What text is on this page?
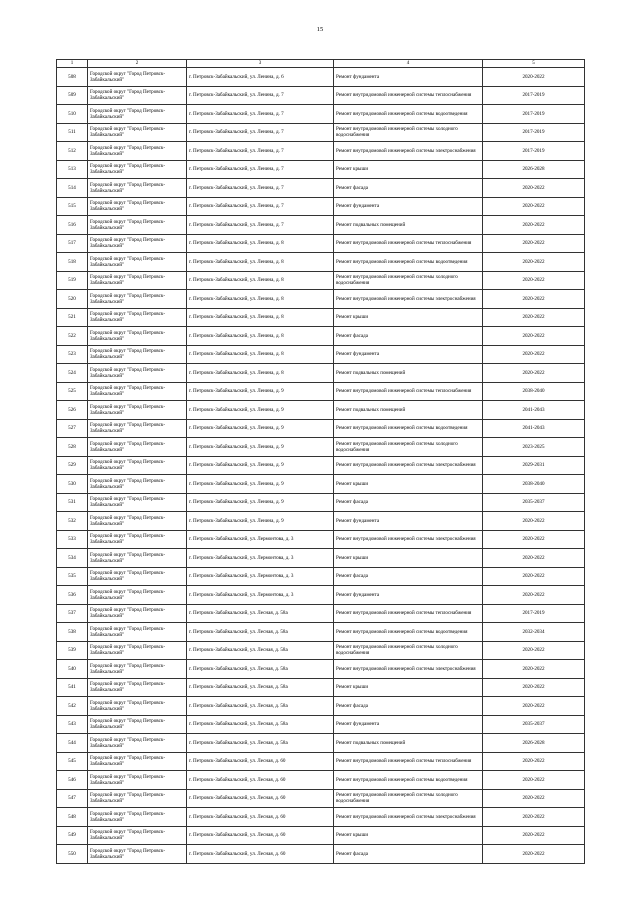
15
1	2	3	4	5
508	Городской округ "Город Петровск-Забайкальский"	г. Петровск-Забайкальский, ул. Ленина, д. 6	Ремонт фундамента	2020-2022
509	Городской округ "Город Петровск-Забайкальский"	г. Петровск-Забайкальский, ул. Ленина, д. 7	Ремонт внутридомовой инженерной системы теплоснабжения	2017-2019
510	Городской округ "Город Петровск-Забайкальский"	г. Петровск-Забайкальский, ул. Ленина, д. 7	Ремонт внутридомовой инженерной системы водоотведения	2017-2019
511	Городской округ "Город Петровск-Забайкальский"	г. Петровск-Забайкальский, ул. Ленина, д. 7	Ремонт внутридомовой инженерной системы холодного водоснабжения	2017-2019
512	Городской округ "Город Петровск-Забайкальский"	г. Петровск-Забайкальский, ул. Ленина, д. 7	Ремонт внутридомовой инженерной системы электроснабжения	2017-2019
513	Городской округ "Город Петровск-Забайкальский"	г. Петровск-Забайкальский, ул. Ленина, д. 7	Ремонт крыши	2026-2028
514	Городской округ "Город Петровск-Забайкальский"	г. Петровск-Забайкальский, ул. Ленина, д. 7	Ремонт фасада	2020-2022
515	Городской округ "Город Петровск-Забайкальский"	г. Петровск-Забайкальский, ул. Ленина, д. 7	Ремонт фундамента	2020-2022
516	Городской округ "Город Петровск-Забайкальский"	г. Петровск-Забайкальский, ул. Ленина, д. 7	Ремонт подвальных помещений	2020-2022
517	Городской округ "Город Петровск-Забайкальский"	г. Петровск-Забайкальский, ул. Ленина, д. 8	Ремонт внутридомовой инженерной системы теплоснабжения	2020-2022
518	Городской округ "Город Петровск-Забайкальский"	г. Петровск-Забайкальский, ул. Ленина, д. 8	Ремонт внутридомовой инженерной системы водоотведения	2020-2022
519	Городской округ "Город Петровск-Забайкальский"	г. Петровск-Забайкальский, ул. Ленина, д. 8	Ремонт внутридомовой инженерной системы холодного водоснабжения	2020-2022
520	Городской округ "Город Петровск-Забайкальский"	г. Петровск-Забайкальский, ул. Ленина, д. 8	Ремонт внутридомовой инженерной системы электроснабжения	2020-2022
521	Городской округ "Город Петровск-Забайкальский"	г. Петровск-Забайкальский, ул. Ленина, д. 8	Ремонт крыши	2020-2022
522	Городской округ "Город Петровск-Забайкальский"	г. Петровск-Забайкальский, ул. Ленина, д. 8	Ремонт фасада	2020-2022
523	Городской округ "Город Петровск-Забайкальский"	г. Петровск-Забайкальский, ул. Ленина, д. 8	Ремонт фундамента	2020-2022
524	Городской округ "Город Петровск-Забайкальский"	г. Петровск-Забайкальский, ул. Ленина, д. 8	Ремонт подвальных помещений	2020-2022
525	Городской округ "Город Петровск-Забайкальский"	г. Петровск-Забайкальский, ул. Ленина, д. 9	Ремонт внутридомовой инженерной системы теплоснабжения	2038-2040
526	Городской округ "Город Петровск-Забайкальский"	г. Петровск-Забайкальский, ул. Ленина, д. 9	Ремонт подвальных помещений	2041-2043
527	Городской округ "Город Петровск-Забайкальский"	г. Петровск-Забайкальский, ул. Ленина, д. 9	Ремонт внутридомовой инженерной системы водоотведения	2041-2043
528	Городской округ "Город Петровск-Забайкальский"	г. Петровск-Забайкальский, ул. Ленина, д. 9	Ремонт внутридомовой инженерной системы холодного водоснабжения	2023-2025
529	Городской округ "Город Петровск-Забайкальский"	г. Петровск-Забайкальский, ул. Ленина, д. 9	Ремонт внутридомовой инженерной системы электроснабжения	2029-2031
530	Городской округ "Город Петровск-Забайкальский"	г. Петровск-Забайкальский, ул. Ленина, д. 9	Ремонт крыши	2038-2040
531	Городской округ "Город Петровск-Забайкальский"	г. Петровск-Забайкальский, ул. Ленина, д. 9	Ремонт фасада	2035-2037
532	Городской округ "Город Петровск-Забайкальский"	г. Петровск-Забайкальский, ул. Ленина, д. 9	Ремонт фундамента	2020-2022
533	Городской округ "Город Петровск-Забайкальский"	г. Петровск-Забайкальский, ул. Лермонтова, д. 3	Ремонт внутридомовой инженерной системы электроснабжения	2020-2022
534	Городской округ "Город Петровск-Забайкальский"	г. Петровск-Забайкальский, ул. Лермонтова, д. 3	Ремонт крыши	2020-2022
535	Городской округ "Город Петровск-Забайкальский"	г. Петровск-Забайкальский, ул. Лермонтова, д. 3	Ремонт фасада	2020-2022
536	Городской округ "Город Петровск-Забайкальский"	г. Петровск-Забайкальский, ул. Лермонтова, д. 3	Ремонт фундамента	2020-2022
537	Городской округ "Город Петровск-Забайкальский"	г. Петровск-Забайкальский, ул. Лесная, д. 58а	Ремонт внутридомовой инженерной системы теплоснабжения	2017-2019
538	Городской округ "Город Петровск-Забайкальский"	г. Петровск-Забайкальский, ул. Лесная, д. 58а	Ремонт внутридомовой инженерной системы водоотведения	2032-2034
539	Городской округ "Город Петровск-Забайкальский"	г. Петровск-Забайкальский, ул. Лесная, д. 58а	Ремонт внутридомовой инженерной системы холодного водоснабжения	2020-2022
540	Городской округ "Город Петровск-Забайкальский"	г. Петровск-Забайкальский, ул. Лесная, д. 58а	Ремонт внутридомовой инженерной системы электроснабжения	2020-2022
541	Городской округ "Город Петровск-Забайкальский"	г. Петровск-Забайкальский, ул. Лесная, д. 58а	Ремонт крыши	2020-2022
542	Городской округ "Город Петровск-Забайкальский"	г. Петровск-Забайкальский, ул. Лесная, д. 58а	Ремонт фасада	2020-2022
543	Городской округ "Город Петровск-Забайкальский"	г. Петровск-Забайкальский, ул. Лесная, д. 58а	Ремонт фундамента	2035-2037
544	Городской округ "Город Петровск-Забайкальский"	г. Петровск-Забайкальский, ул. Лесная, д. 58а	Ремонт подвальных помещений	2026-2028
545	Городской округ "Город Петровск-Забайкальский"	г. Петровск-Забайкальский, ул. Лесная, д. 60	Ремонт внутридомовой инженерной системы теплоснабжения	2020-2022
546	Городской округ "Город Петровск-Забайкальский"	г. Петровск-Забайкальский, ул. Лесная, д. 60	Ремонт внутридомовой инженерной системы водоотведения	2020-2022
547	Городской округ "Город Петровск-Забайкальский"	г. Петровск-Забайкальский, ул. Лесная, д. 60	Ремонт внутридомовой инженерной системы холодного водоснабжения	2020-2022
548	Городской округ "Город Петровск-Забайкальский"	г. Петровск-Забайкальский, ул. Лесная, д. 60	Ремонт внутридомовой инженерной системы электроснабжения	2020-2022
549	Городской округ "Город Петровск-Забайкальский"	г. Петровск-Забайкальский, ул. Лесная, д. 60	Ремонт крыши	2020-2022
550	Городской округ "Город Петровск-Забайкальский"	г. Петровск-Забайкальский, ул. Лесная, д. 60	Ремонт фасада	2020-2022
